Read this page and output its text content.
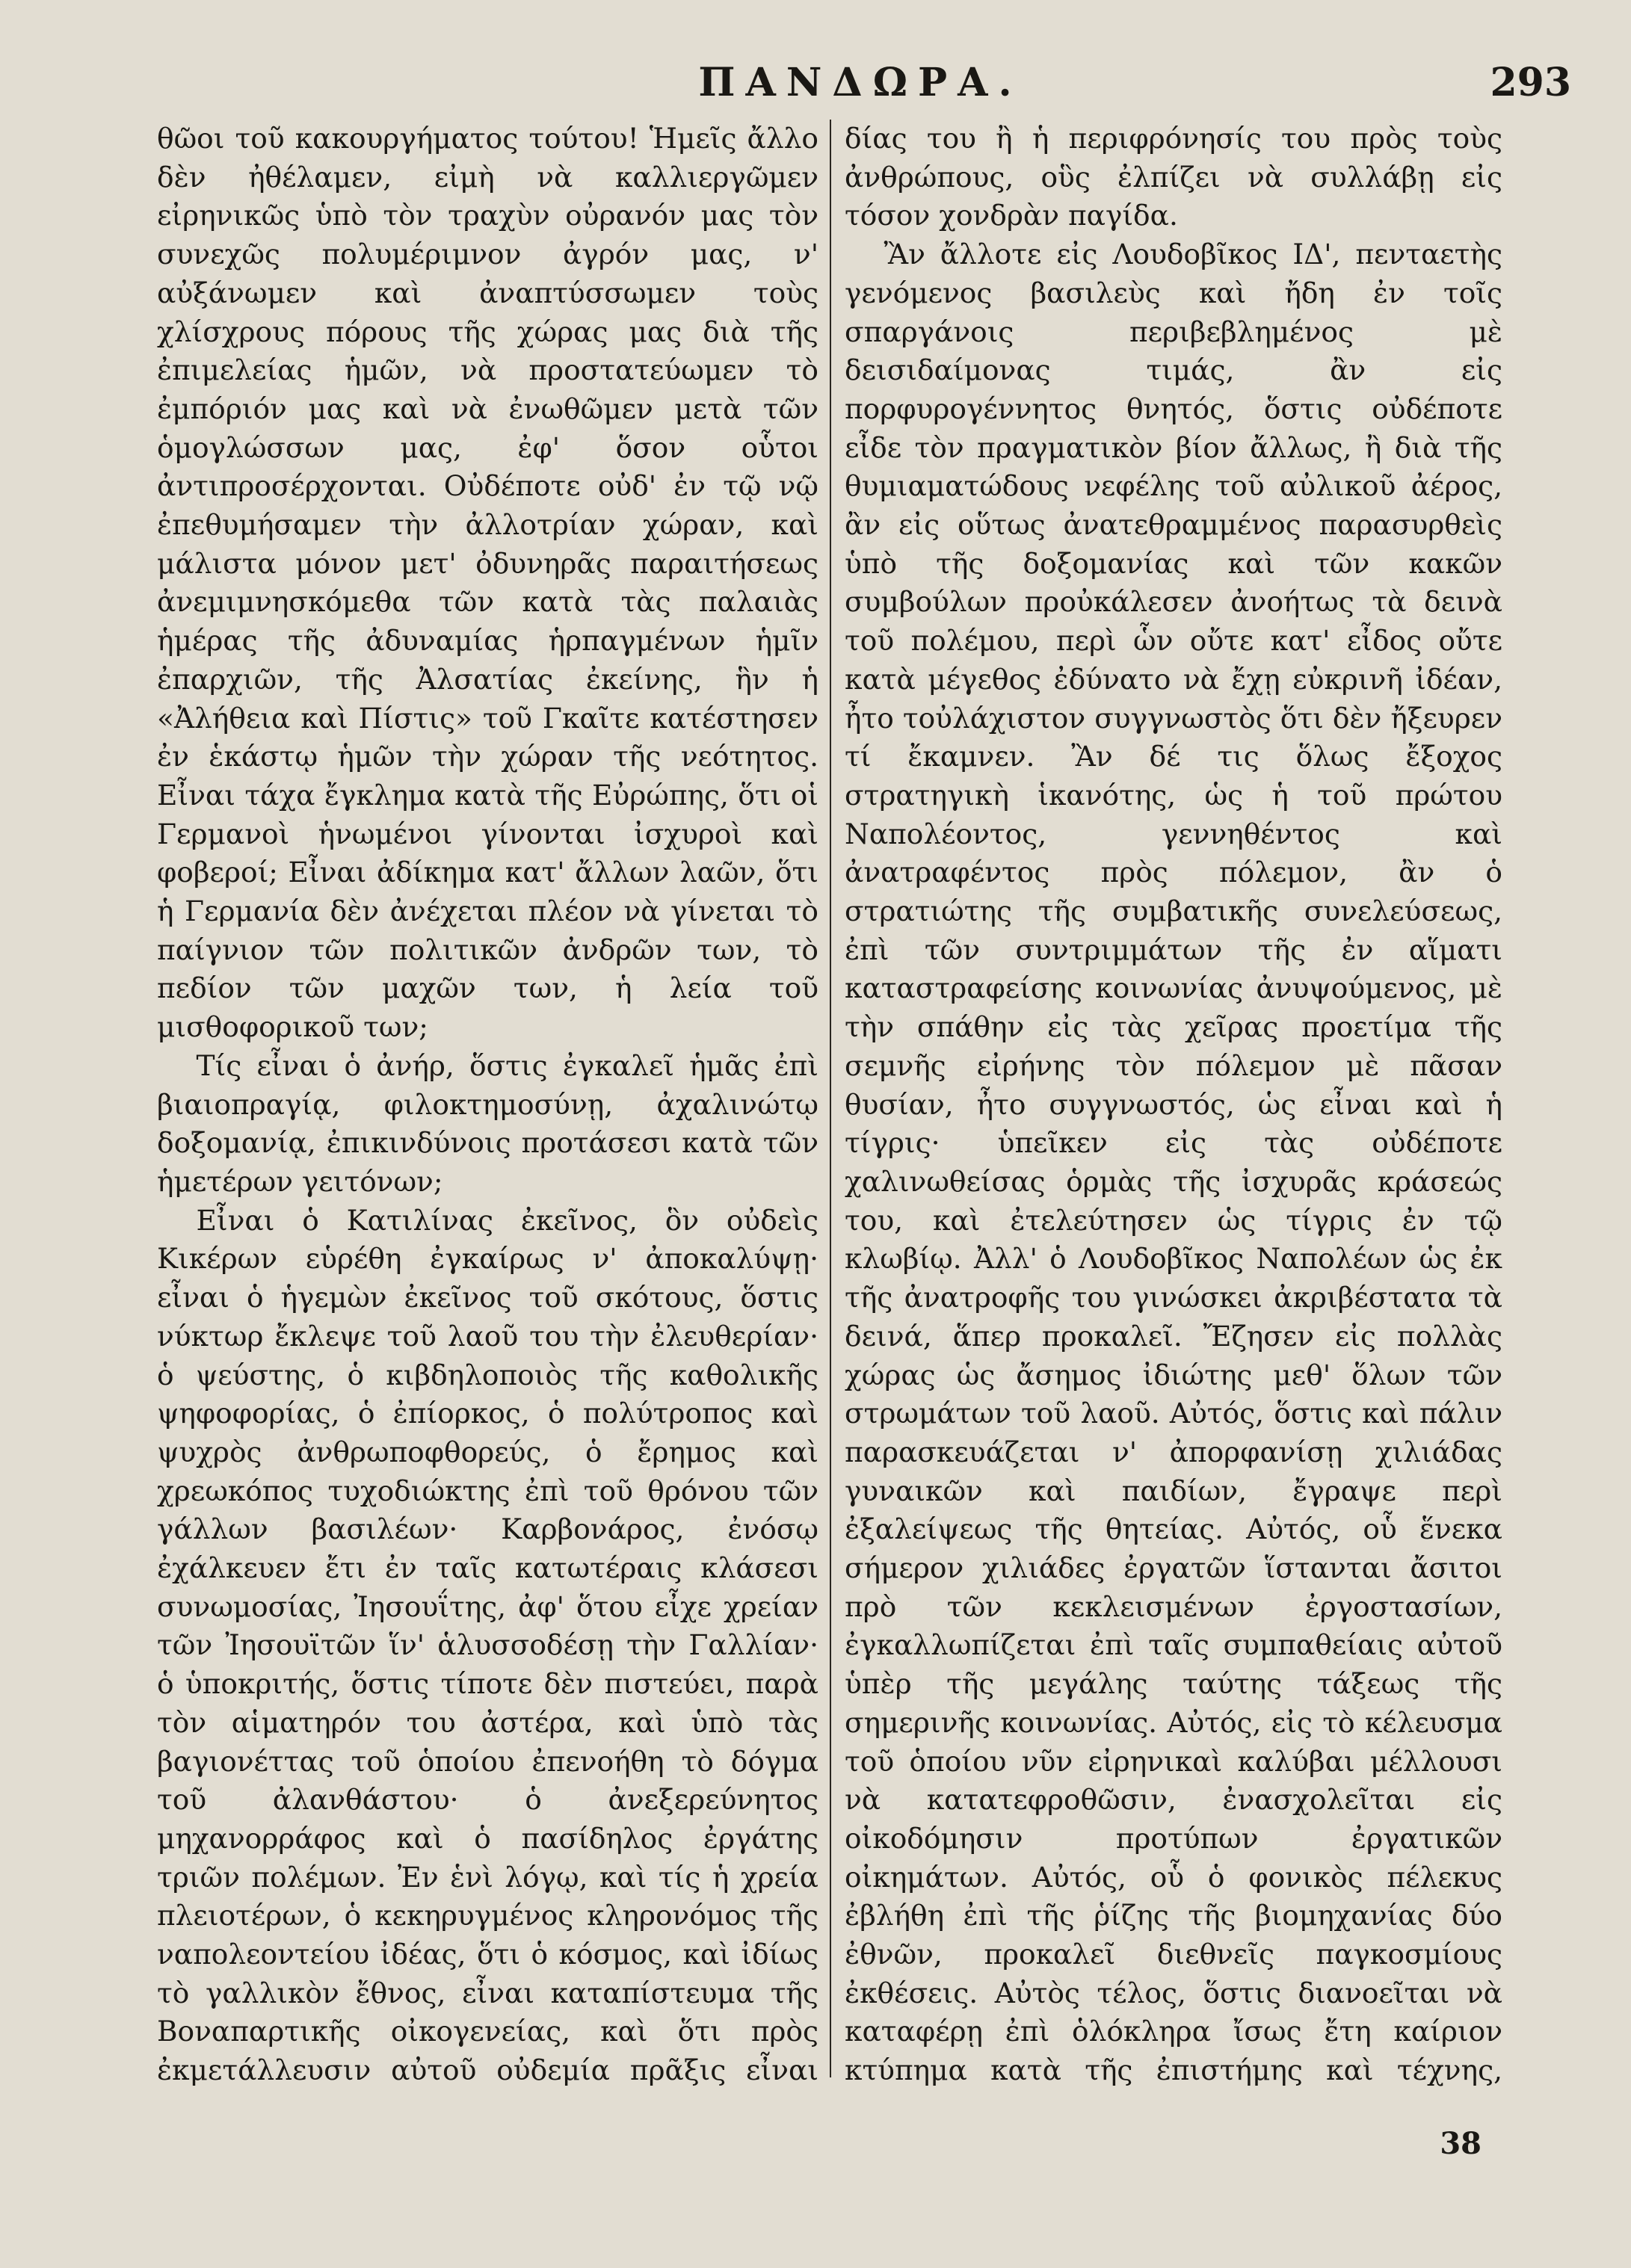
ΠΑΝΔΩΡΑ.	293

θῶοι τοῦ κακουργήματος τούτου! Ἡμεῖς ἄλλο δὲν ἠθέλαμεν, εἰμὴ νὰ καλλιεργῶμεν εἰρηνικῶς ὑπὸ τὸν τραχὺν οὐρανόν μας τὸν συνεχῶς πολυμέριμνον ἀγρόν μας, ν' αὐξάνωμεν καὶ ἀναπτύσσωμεν τοὺς χλίσχρους πόρους τῆς χώρας μας διὰ τῆς ἐπιμελείας ἡμῶν, νὰ προστατεύωμεν τὸ ἐμπόριόν μας καὶ νὰ ἐνωθῶμεν μετὰ τῶν ὁμογλώσσων μας, ἐφ' ὅσον οὗτοι ἀντιπροσέρχονται. Οὐδέποτε οὐδ' ἐν τῷ νῷ ἐπεθυμήσαμεν τὴν ἀλλοτρίαν χώραν, καὶ μάλιστα μόνον μετ' ὀδυνηρᾶς παραιτήσεως ἀνεμιμνησκόμεθα τῶν κατὰ τὰς παλαιὰς ἡμέρας τῆς ἀδυναμίας ἡρπαγμένων ἡμῖν ἐπαρχιῶν, τῆς Ἀλσατίας ἐκείνης, ἣν ἡ «Ἀλήθεια καὶ Πίστις» τοῦ Γκαῖτε κατέστησεν ἐν ἑκάστῳ ἡμῶν τὴν χώραν τῆς νεότητος. Εἶναι τάχα ἔγκλημα κατὰ τῆς Εὐρώπης, ὅτι οἱ Γερμανοὶ ἡνωμένοι γίνονται ἰσχυροὶ καὶ φοβεροί; Εἶναι ἀδίκημα κατ' ἄλλων λαῶν, ὅτι ἡ Γερμανία δὲν ἀνέχεται πλέον νὰ γίνεται τὸ παίγνιον τῶν πολιτικῶν ἀνδρῶν των, τὸ πεδίον τῶν μαχῶν των, ἡ λεία τοῦ μισθοφορικοῦ των;

Τίς εἶναι ὁ ἀνήρ, ὅστις ἐγκαλεῖ ἡμᾶς ἐπὶ βιαιοπραγίᾳ, φιλοκτημοσύνῃ, ἀχαλινώτῳ δοξομανίᾳ, ἐπικινδύνοις προτάσεσι κατὰ τῶν ἡμετέρων γειτόνων;

Εἶναι ὁ Κατιλίνας ἐκεῖνος, ὃν οὐδεὶς Κικέρων εὑρέθη ἐγκαίρως ν' ἀποκαλύψῃ· εἶναι ὁ ἡγεμὼν ἐκεῖνος τοῦ σκότους, ὅστις νύκτωρ ἔκλεψε τοῦ λαοῦ του τὴν ἐλευθερίαν· ὁ ψεύστης, ὁ κιβδηλοποιὸς τῆς καθολικῆς ψηφοφορίας, ὁ ἐπίορκος, ὁ πολύτροπος καὶ ψυχρὸς ἀνθρωποφθορεύς, ὁ ἔρημος καὶ χρεωκόπος τυχοδιώκτης ἐπὶ τοῦ θρόνου τῶν γάλλων βασιλέων· Καρβονάρος, ἐνόσῳ ἐχάλκευεν ἔτι ἐν ταῖς κατωτέραις κλάσεσι συνωμοσίας, Ἰησουΐτης, ἀφ' ὅτου εἶχε χρείαν τῶν Ἰησουϊτῶν ἵν' ἁλυσσοδέσῃ τὴν Γαλλίαν· ὁ ὑποκριτής, ὅστις τίποτε δὲν πιστεύει, παρὰ τὸν αἱματηρόν του ἀστέρα, καὶ ὑπὸ τὰς βαγιονέττας τοῦ ὁποίου ἐπενοήθη τὸ δόγμα τοῦ ἀλανθάστου· ὁ ἀνεξερεύνητος μηχανορράφος καὶ ὁ πασίδηλος ἐργάτης τριῶν πολέμων. Ἐν ἑνὶ λόγῳ, καὶ τίς ἡ χρεία πλειοτέρων, ὁ κεκηρυγμένος κληρονόμος τῆς ναπολεοντείου ἰδέας, ὅτι ὁ κόσμος, καὶ ἰδίως τὸ γαλλικὸν ἔθνος, εἶναι καταπίστευμα τῆς Βοναπαρτικῆς οἰκογενείας, καὶ ὅτι πρὸς ἐκμετάλλευσιν αὐτοῦ οὐδεμία πρᾶξις εἶναι

δίας του ἢ ἡ περιφρόνησίς του πρὸς τοὺς ἀνθρώπους, οὓς ἐλπίζει νὰ συλλάβῃ εἰς τόσον χονδρὰν παγίδα.

Ἂν ἄλλοτε εἰς Λουδοβῖκος ΙΔ', πενταετὴς γενόμενος βασιλεὺς καὶ ἤδη ἐν τοῖς σπαργάνοις περιβεβλημένος μὲ δεισιδαίμονας τιμάς, ἂν εἰς πορφυρογέννητος θνητός, ὅστις οὐδέποτε εἶδε τὸν πραγματικὸν βίον ἄλλως, ἢ διὰ τῆς θυμιαματώδους νεφέλης τοῦ αὐλικοῦ ἀέρος, ἂν εἰς οὕτως ἀνατεθραμμένος παρασυρθεὶς ὑπὸ τῆς δοξομανίας καὶ τῶν κακῶν συμβούλων προὐκάλεσεν ἀνοήτως τὰ δεινὰ τοῦ πολέμου, περὶ ὧν οὔτε κατ' εἶδος οὔτε κατὰ μέγεθος ἐδύνατο νὰ ἔχῃ εὐκρινῆ ἰδέαν, ἦτο τοὐλάχιστον συγγνωστὸς ὅτι δὲν ἤξευρεν τί ἔκαμνεν. Ἂν δέ τις ὅλως ἔξοχος στρατηγικὴ ἱκανότης, ὡς ἡ τοῦ πρώτου Ναπολέοντος, γεννηθέντος καὶ ἀνατραφέντος πρὸς πόλεμον, ἂν ὁ στρατιώτης τῆς συμβατικῆς συνελεύσεως, ἐπὶ τῶν συντριμμάτων τῆς ἐν αἵματι καταστραφείσης κοινωνίας ἀνυψούμενος, μὲ τὴν σπάθην εἰς τὰς χεῖρας προετίμα τῆς σεμνῆς εἰρήνης τὸν πόλεμον μὲ πᾶσαν θυσίαν, ἦτο συγγνωστός, ὡς εἶναι καὶ ἡ τίγρις· ὑπεῖκεν εἰς τὰς οὐδέποτε χαλινωθείσας ὁρμὰς τῆς ἰσχυρᾶς κράσεώς του, καὶ ἐτελεύτησεν ὡς τίγρις ἐν τῷ κλωβίῳ. Ἀλλ' ὁ Λουδοβῖκος Ναπολέων ὡς ἐκ τῆς ἀνατροφῆς του γινώσκει ἀκριβέστατα τὰ δεινά, ἅπερ προκαλεῖ. Ἔζησεν εἰς πολλὰς χώρας ὡς ἄσημος ἰδιώτης μεθ' ὅλων τῶν στρωμάτων τοῦ λαοῦ. Αὐτός, ὅστις καὶ πάλιν παρασκευάζεται ν' ἀπορφανίσῃ χιλιάδας γυναικῶν καὶ παιδίων, ἔγραψε περὶ ἐξαλείψεως τῆς θητείας. Αὐτός, οὗ ἕνεκα σήμερον χιλιάδες ἐργατῶν ἵστανται ἄσιτοι πρὸ τῶν κεκλεισμένων ἐργοστασίων, ἐγκαλλωπίζεται ἐπὶ ταῖς συμπαθείαις αὐτοῦ ὑπὲρ τῆς μεγάλης ταύτης τάξεως τῆς σημερινῆς κοινωνίας. Αὐτός, εἰς τὸ κέλευσμα τοῦ ὁποίου νῦν εἰρηνικαὶ καλύβαι μέλλουσι νὰ κατατεφροθῶσιν, ἐνασχολεῖται εἰς οἰκοδόμησιν προτύπων ἐργατικῶν οἰκημάτων. Αὐτός, οὗ ὁ φονικὸς πέλεκυς ἐβλήθη ἐπὶ τῆς ῥίζης τῆς βιομηχανίας δύο ἐθνῶν, προκαλεῖ διεθνεῖς παγκοσμίους ἐκθέσεις. Αὐτὸς τέλος, ὅστις διανοεῖται νὰ καταφέρῃ ἐπὶ ὁλόκληρα ἴσως ἔτη καίριον κτύπημα κατὰ τῆς ἐπιστήμης καὶ τέχνης,

38
